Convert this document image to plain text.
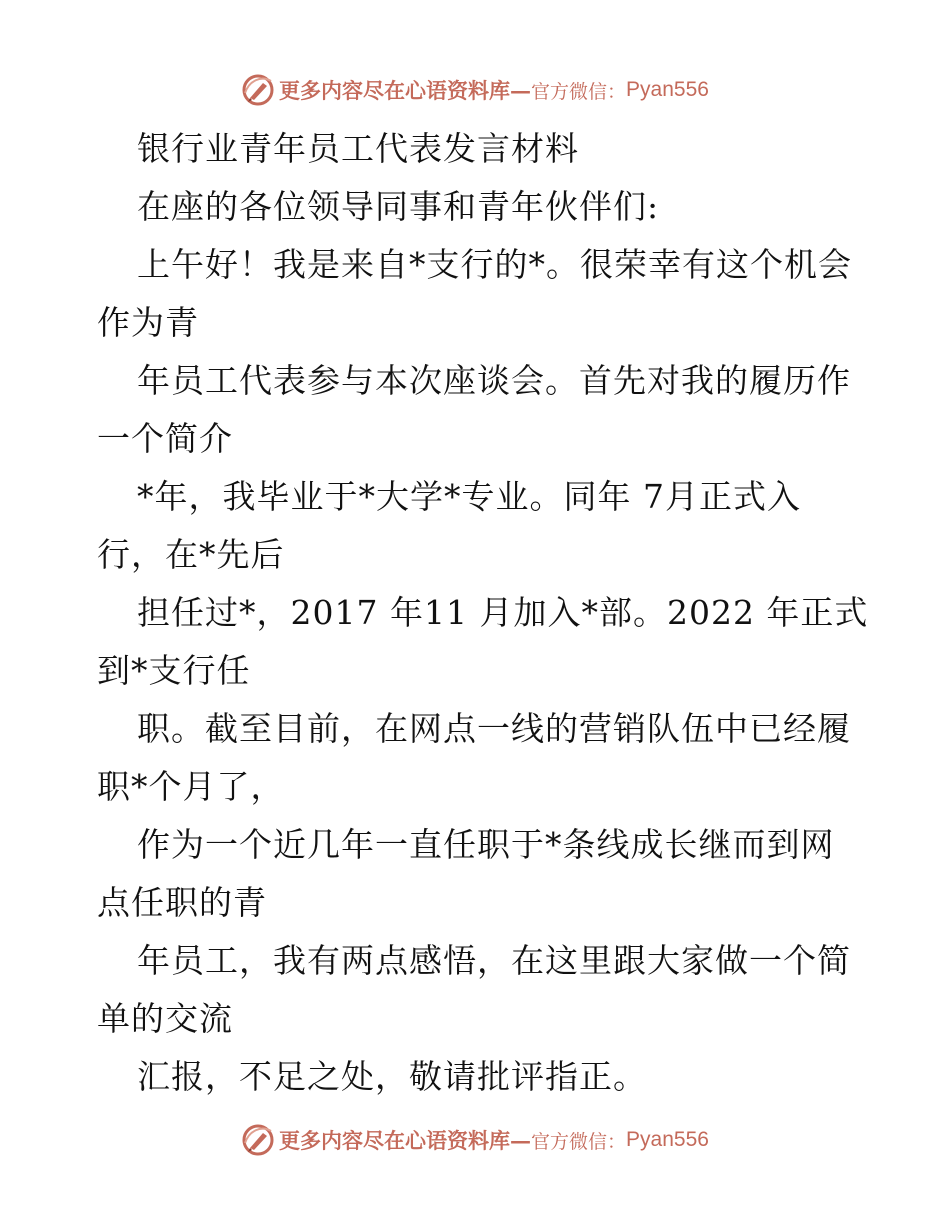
更多内容尽在心语资料库— 官方微信： Pyan556
银行业青年员工代表发言材料
在座的各位领导同事和青年伙伴们:
上午好！我是来自*支行的*。很荣幸有这个机会
作为青
年员工代表参与本次座谈会。首先对我的履历作
一个简介
*年，我毕业于*大学*专业。同年 7月正式入
行，在*先后
担任过*，2017 年11 月加入*部。2022 年正式
到*支行任
职。截至目前，在网点一线的营销队伍中已经履
职*个月了，
作为一个近几年一直任职于*条线成长继而到网
点任职的青
年员工，我有两点感悟，在这里跟大家做一个简
单的交流
汇报，不足之处，敬请批评指正。
更多内容尽在心语资料库— 官方微信： Pyan556
